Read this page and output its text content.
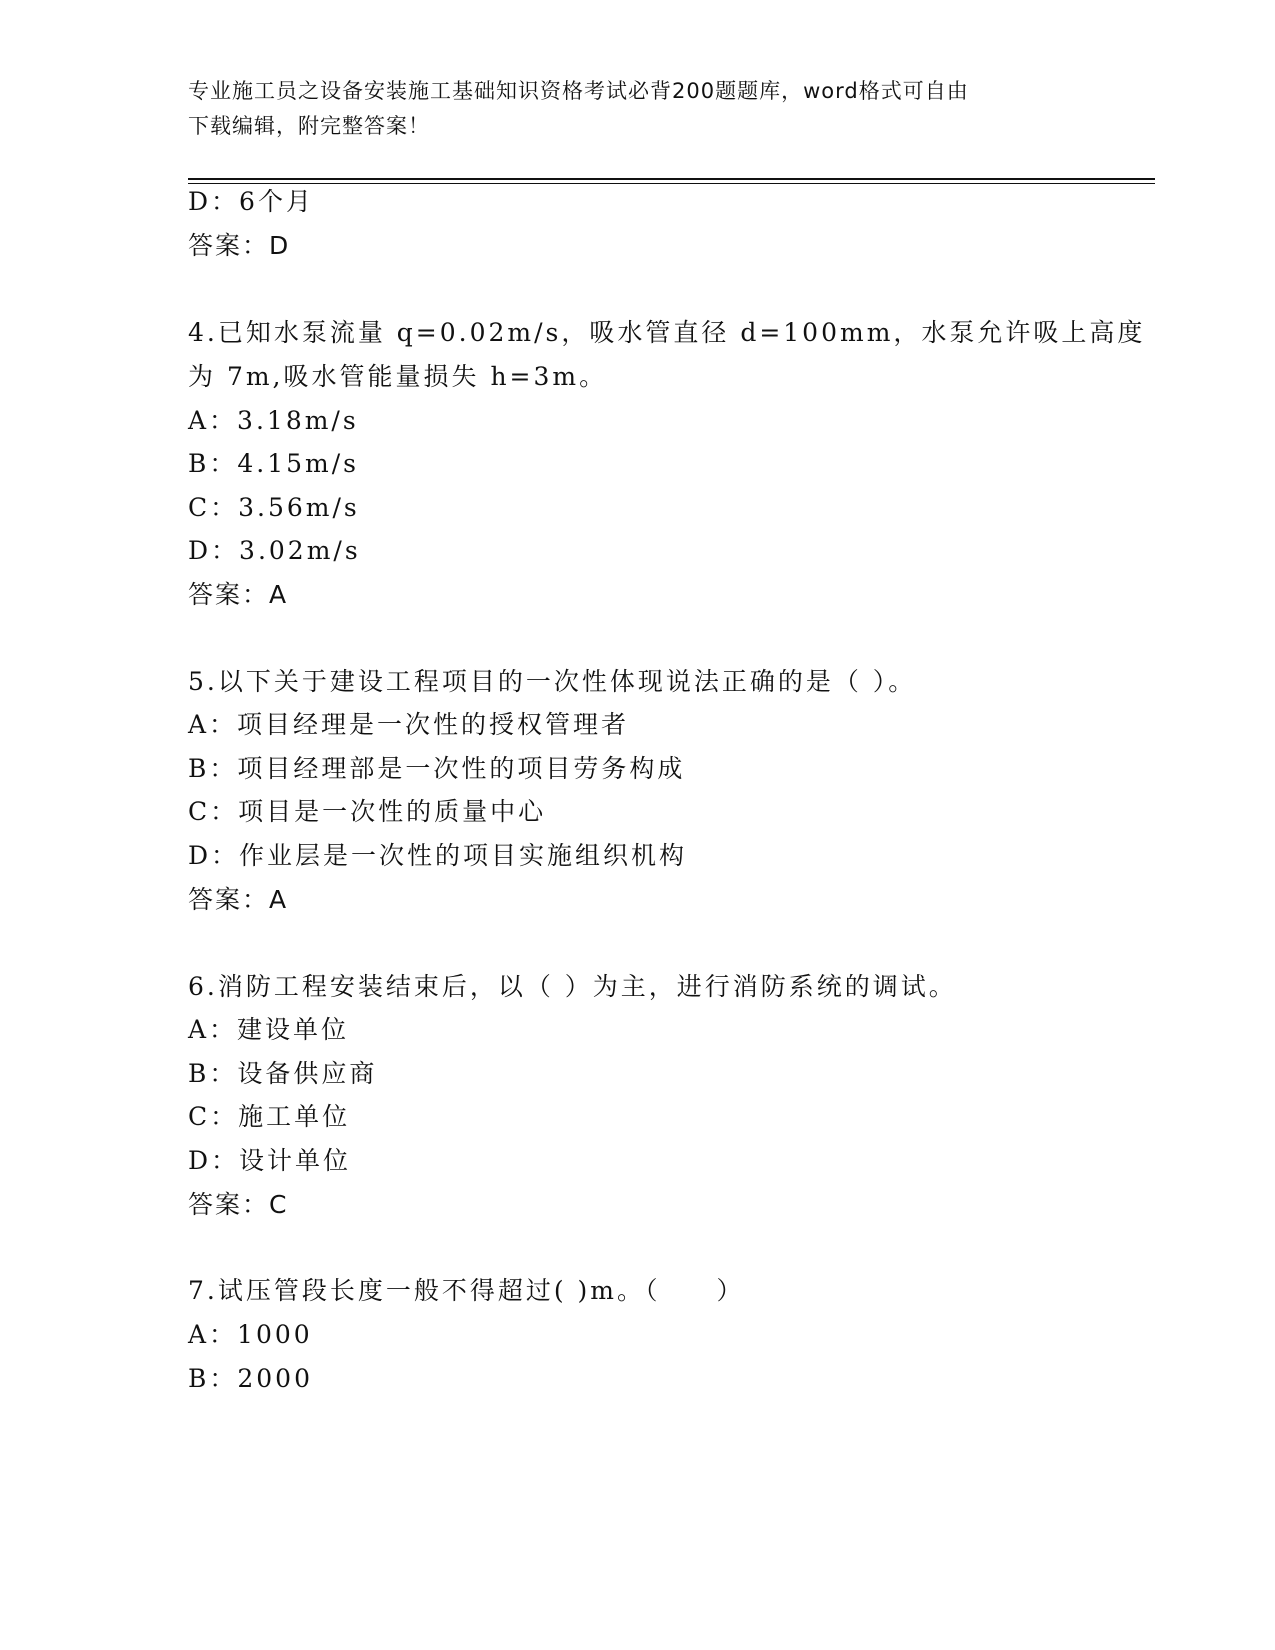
专业施工员之设备安装施工基础知识资格考试必背200题题库，word格式可自由
下载编辑，附完整答案！
D：6个月
答案：D
4.已知水泵流量 q=0.02m/s，吸水管直径 d=100mm，水泵允许吸上高度
为 7m,吸水管能量损失 h=3m。
A：3.18m/s
B：4.15m/s
C：3.56m/s
D：3.02m/s
答案：A
5.以下关于建设工程项目的一次性体现说法正确的是（ ）。
A：项目经理是一次性的授权管理者
B：项目经理部是一次性的项目劳务构成
C：项目是一次性的质量中心
D：作业层是一次性的项目实施组织机构
答案：A
6.消防工程安装结束后，以（ ）为主，进行消防系统的调试。
A：建设单位
B：设备供应商
C：施工单位
D：设计单位
答案：C
7.试压管段长度一般不得超过( )m。（　　）
A：1000
B：2000
